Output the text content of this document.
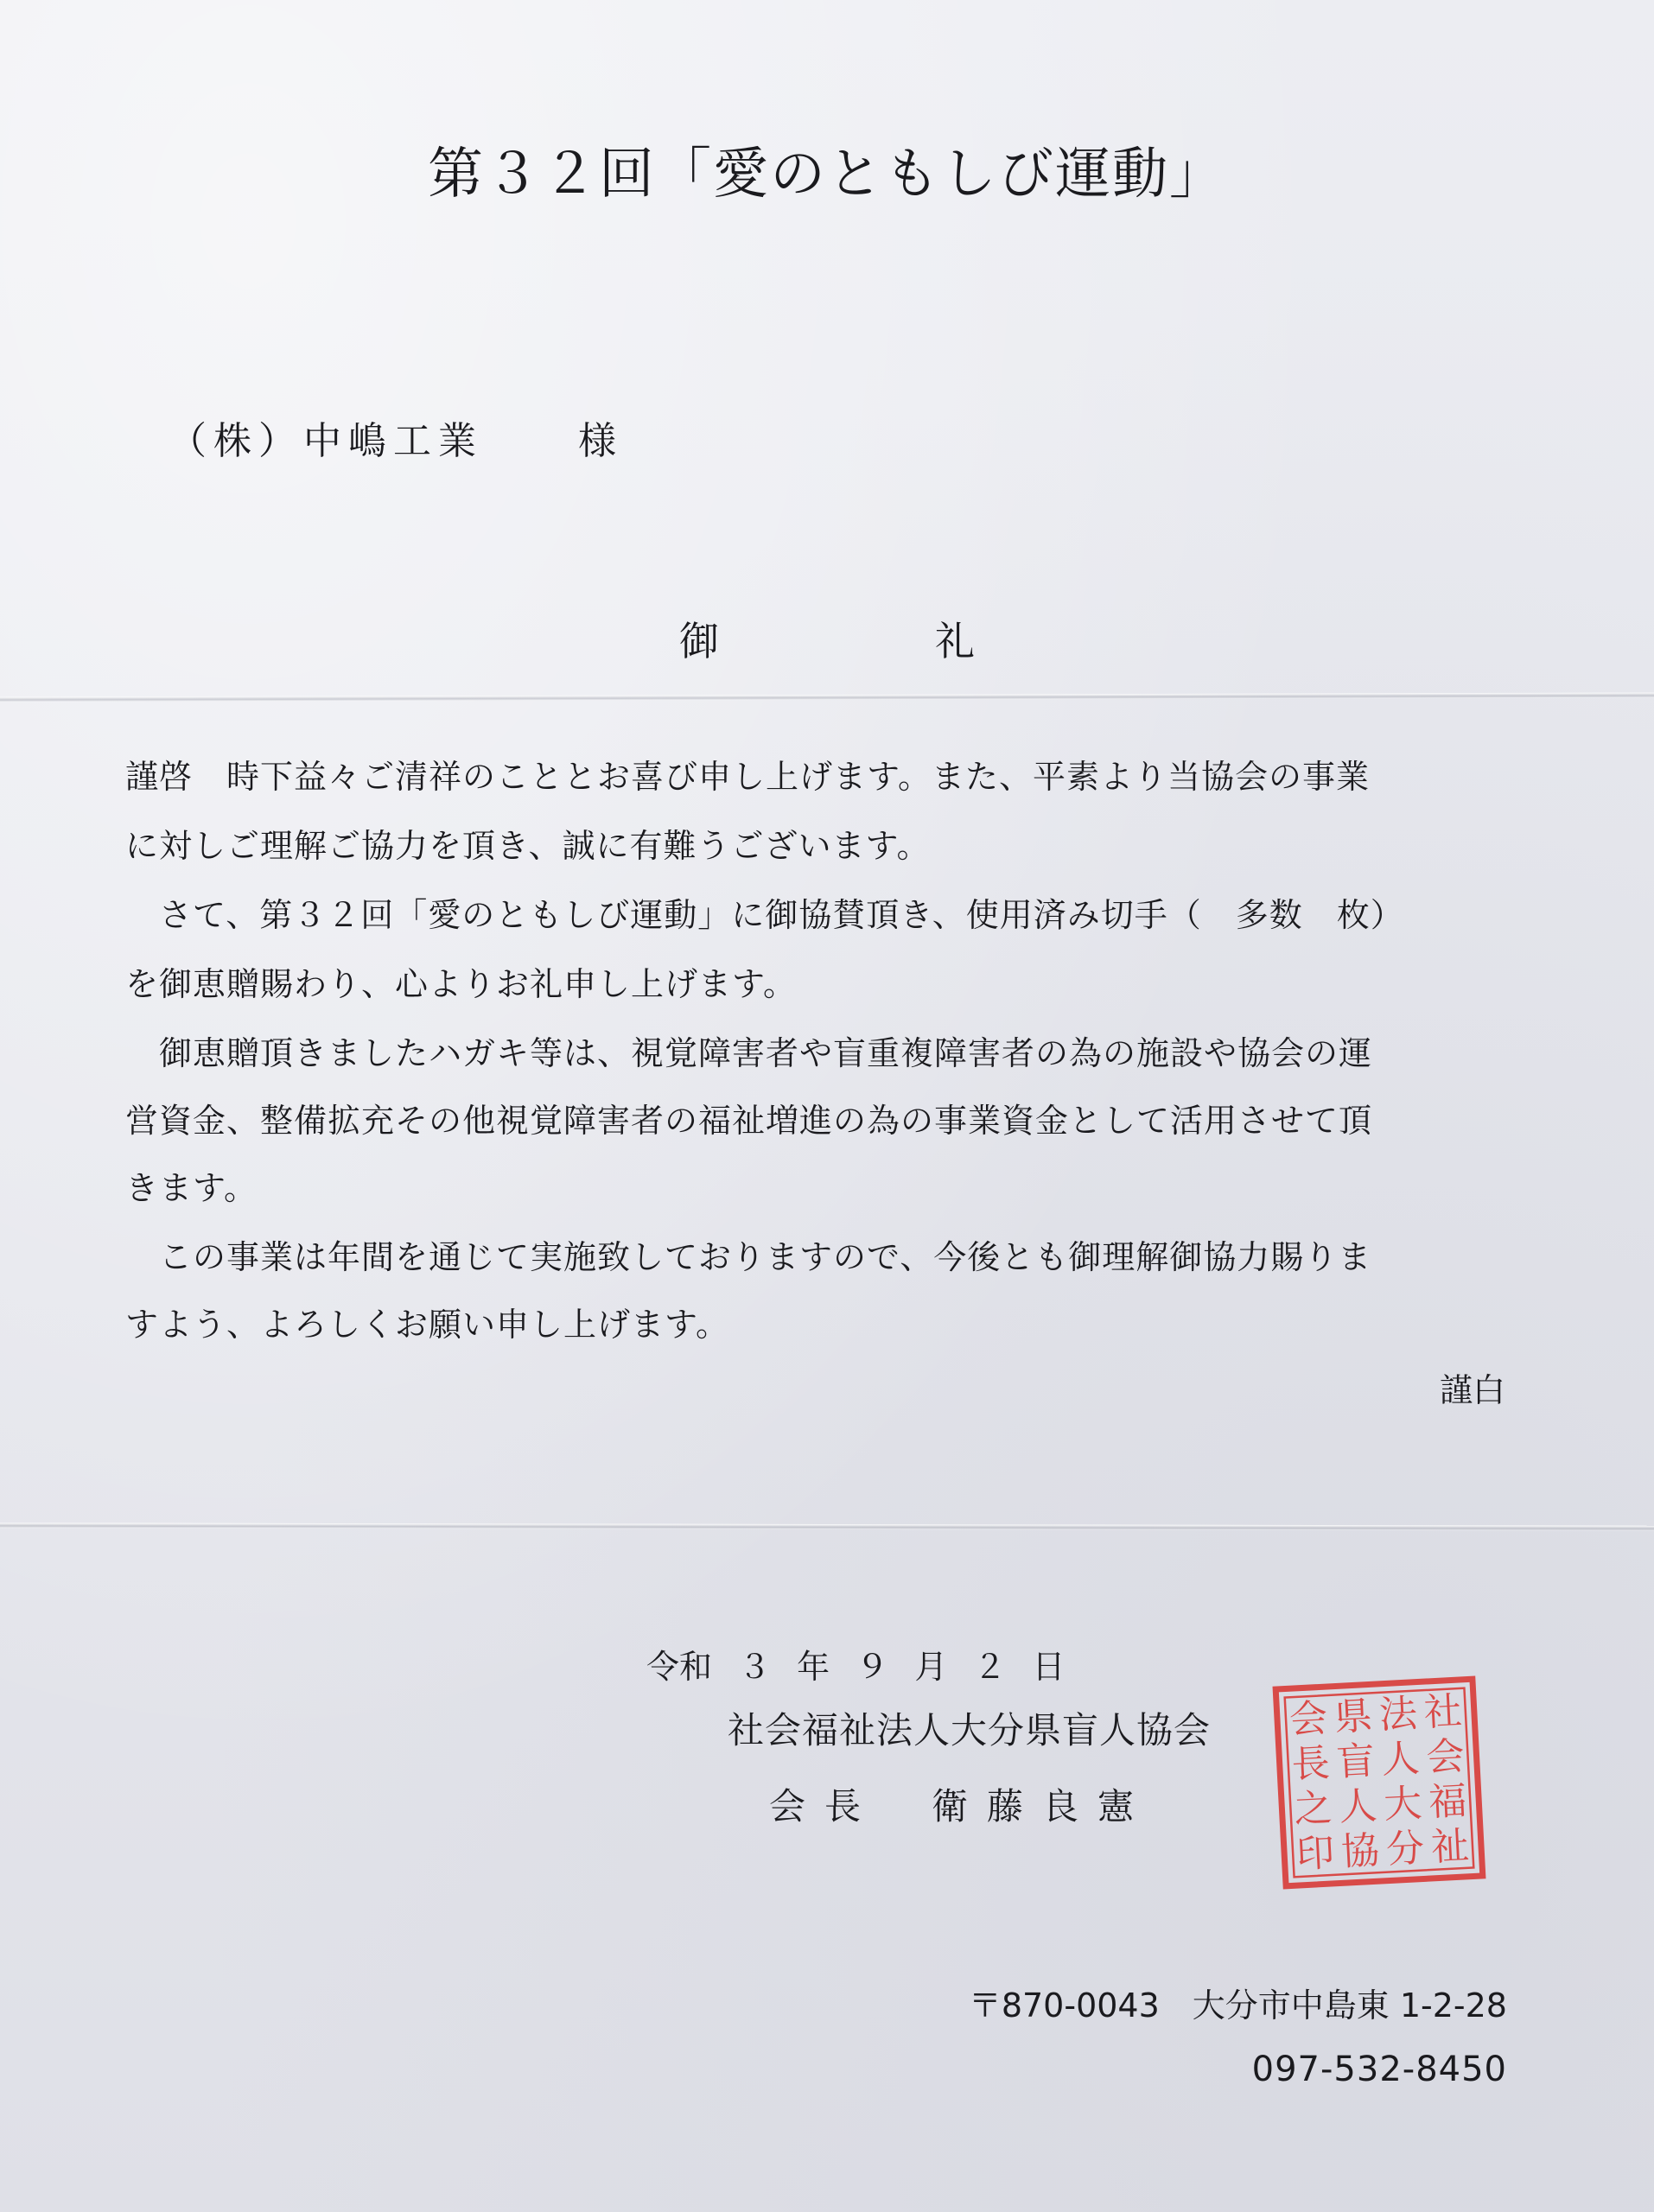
第３２回「愛のともしび運動」
（株）中嶋工業	様
御	礼
謹啓　時下益々ご清祥のこととお喜び申し上げます。また、平素より当協会の事業
に対しご理解ご協力を頂き、誠に有難うございます。
　さて、第３２回「愛のともしび運動」に御協賛頂き、使用済み切手（　多数　枚）
を御恵贈賜わり、心よりお礼申し上げます。
　御恵贈頂きましたハガキ等は、視覚障害者や盲重複障害者の為の施設や協会の運
営資金、整備拡充その他視覚障害者の福祉増進の為の事業資金として活用させて頂
きます。
　この事業は年間を通じて実施致しておりますので、今後とも御理解御協力賜りま
すよう、よろしくお願い申し上げます。
謹白
令和 ３ 年 ９ 月 ２ 日
社会福祉法人大分県盲人協会
会長 衛藤良憲
社
会
福
祉
法
人
大
分
県
盲
人
協
会
長
之
印
〒870-0043　大分市中島東 1-2-28
097-532-8450
